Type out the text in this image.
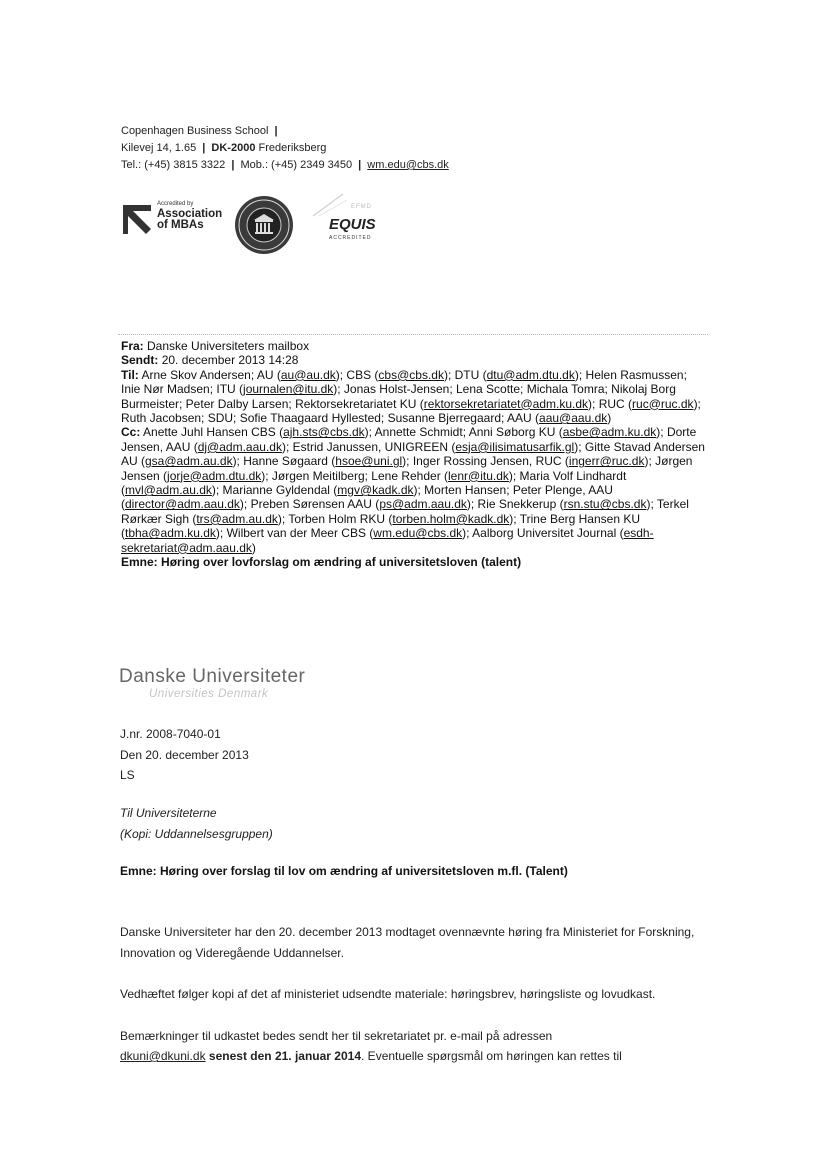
Copenhagen Business School |
Kilevej 14, 1.65 | DK-2000 Frederiksberg
Tel.: (+45) 3815 3322 | Mob.: (+45) 2349 3450 | wm.edu@cbs.dk
Accredited by
Association
of MBAs
EFMD
EQUIS
ACCREDITED

Fra: Danske Universiteters mailbox

Sendt: 20. december 2013 14:28

Til: Arne Skov Andersen; AU (au@au.dk); CBS (cbs@cbs.dk); DTU (dtu@adm.dtu.dk); Helen Rasmussen; Inie Nør Madsen; ITU (journalen@itu.dk); Jonas Holst-Jensen; Lena Scotte; Michala Tomra; Nikolaj Borg Burmeister; Peter Dalby Larsen; Rektorsekretariatet KU (rektorsekretariatet@adm.ku.dk); RUC (ruc@ruc.dk); Ruth Jacobsen; SDU; Sofie Thaagaard Hyllested; Susanne Bjerregaard; AAU (aau@aau.dk)

Cc: Anette Juhl Hansen CBS (ajh.sts@cbs.dk); Annette Schmidt; Anni Søborg KU (asbe@adm.ku.dk); Dorte Jensen, AAU (dj@adm.aau.dk); Estrid Janussen, UNIGREEN (esja@ilisimatusarfik.gl); Gitte Stavad Andersen AU (gsa@adm.au.dk); Hanne Søgaard (hsoe@uni.gl); Inger Rossing Jensen, RUC (ingerr@ruc.dk); Jørgen Jensen (jorje@adm.dtu.dk); Jørgen Meitilberg; Lene Rehder (lenr@itu.dk); Maria Volf Lindhardt (mvl@adm.au.dk); Marianne Gyldendal (mgv@kadk.dk); Morten Hansen; Peter Plenge, AAU (director@adm.aau.dk); Preben Sørensen AAU (ps@adm.aau.dk); Rie Snekkerup (rsn.stu@cbs.dk); Terkel Rørkær Sigh (trs@adm.au.dk); Torben Holm RKU (torben.holm@kadk.dk); Trine Berg Hansen KU (tbha@adm.ku.dk); Wilbert van der Meer CBS (wm.edu@cbs.dk); Aalborg Universitet Journal (esdh-sekretariat@adm.aau.dk)

Emne: Høring over lovforslag om ændring af universitetsloven (talent)

Danske Universiteter
Universities Denmark
J.nr. 2008-7040-01
Den 20. december 2013
LS
Til Universiteterne
(Kopi: Uddannelsesgruppen)
Emne: Høring over forslag til lov om ændring af universitetsloven m.fl. (Talent)

Danske Universiteter har den 20. december 2013 modtaget ovennævnte høring fra Ministeriet for Forskning, Innovation og Videregående Uddannelser.

Vedhæftet følger kopi af det af ministeriet udsendte materiale: høringsbrev, høringsliste og lovudkast.

Bemærkninger til udkastet bedes sendt her til sekretariatet pr. e-mail på adressen
dkuni@dkuni.dk senest den 21. januar 2014. Eventuelle spørgsmål om høringen kan rettes til
